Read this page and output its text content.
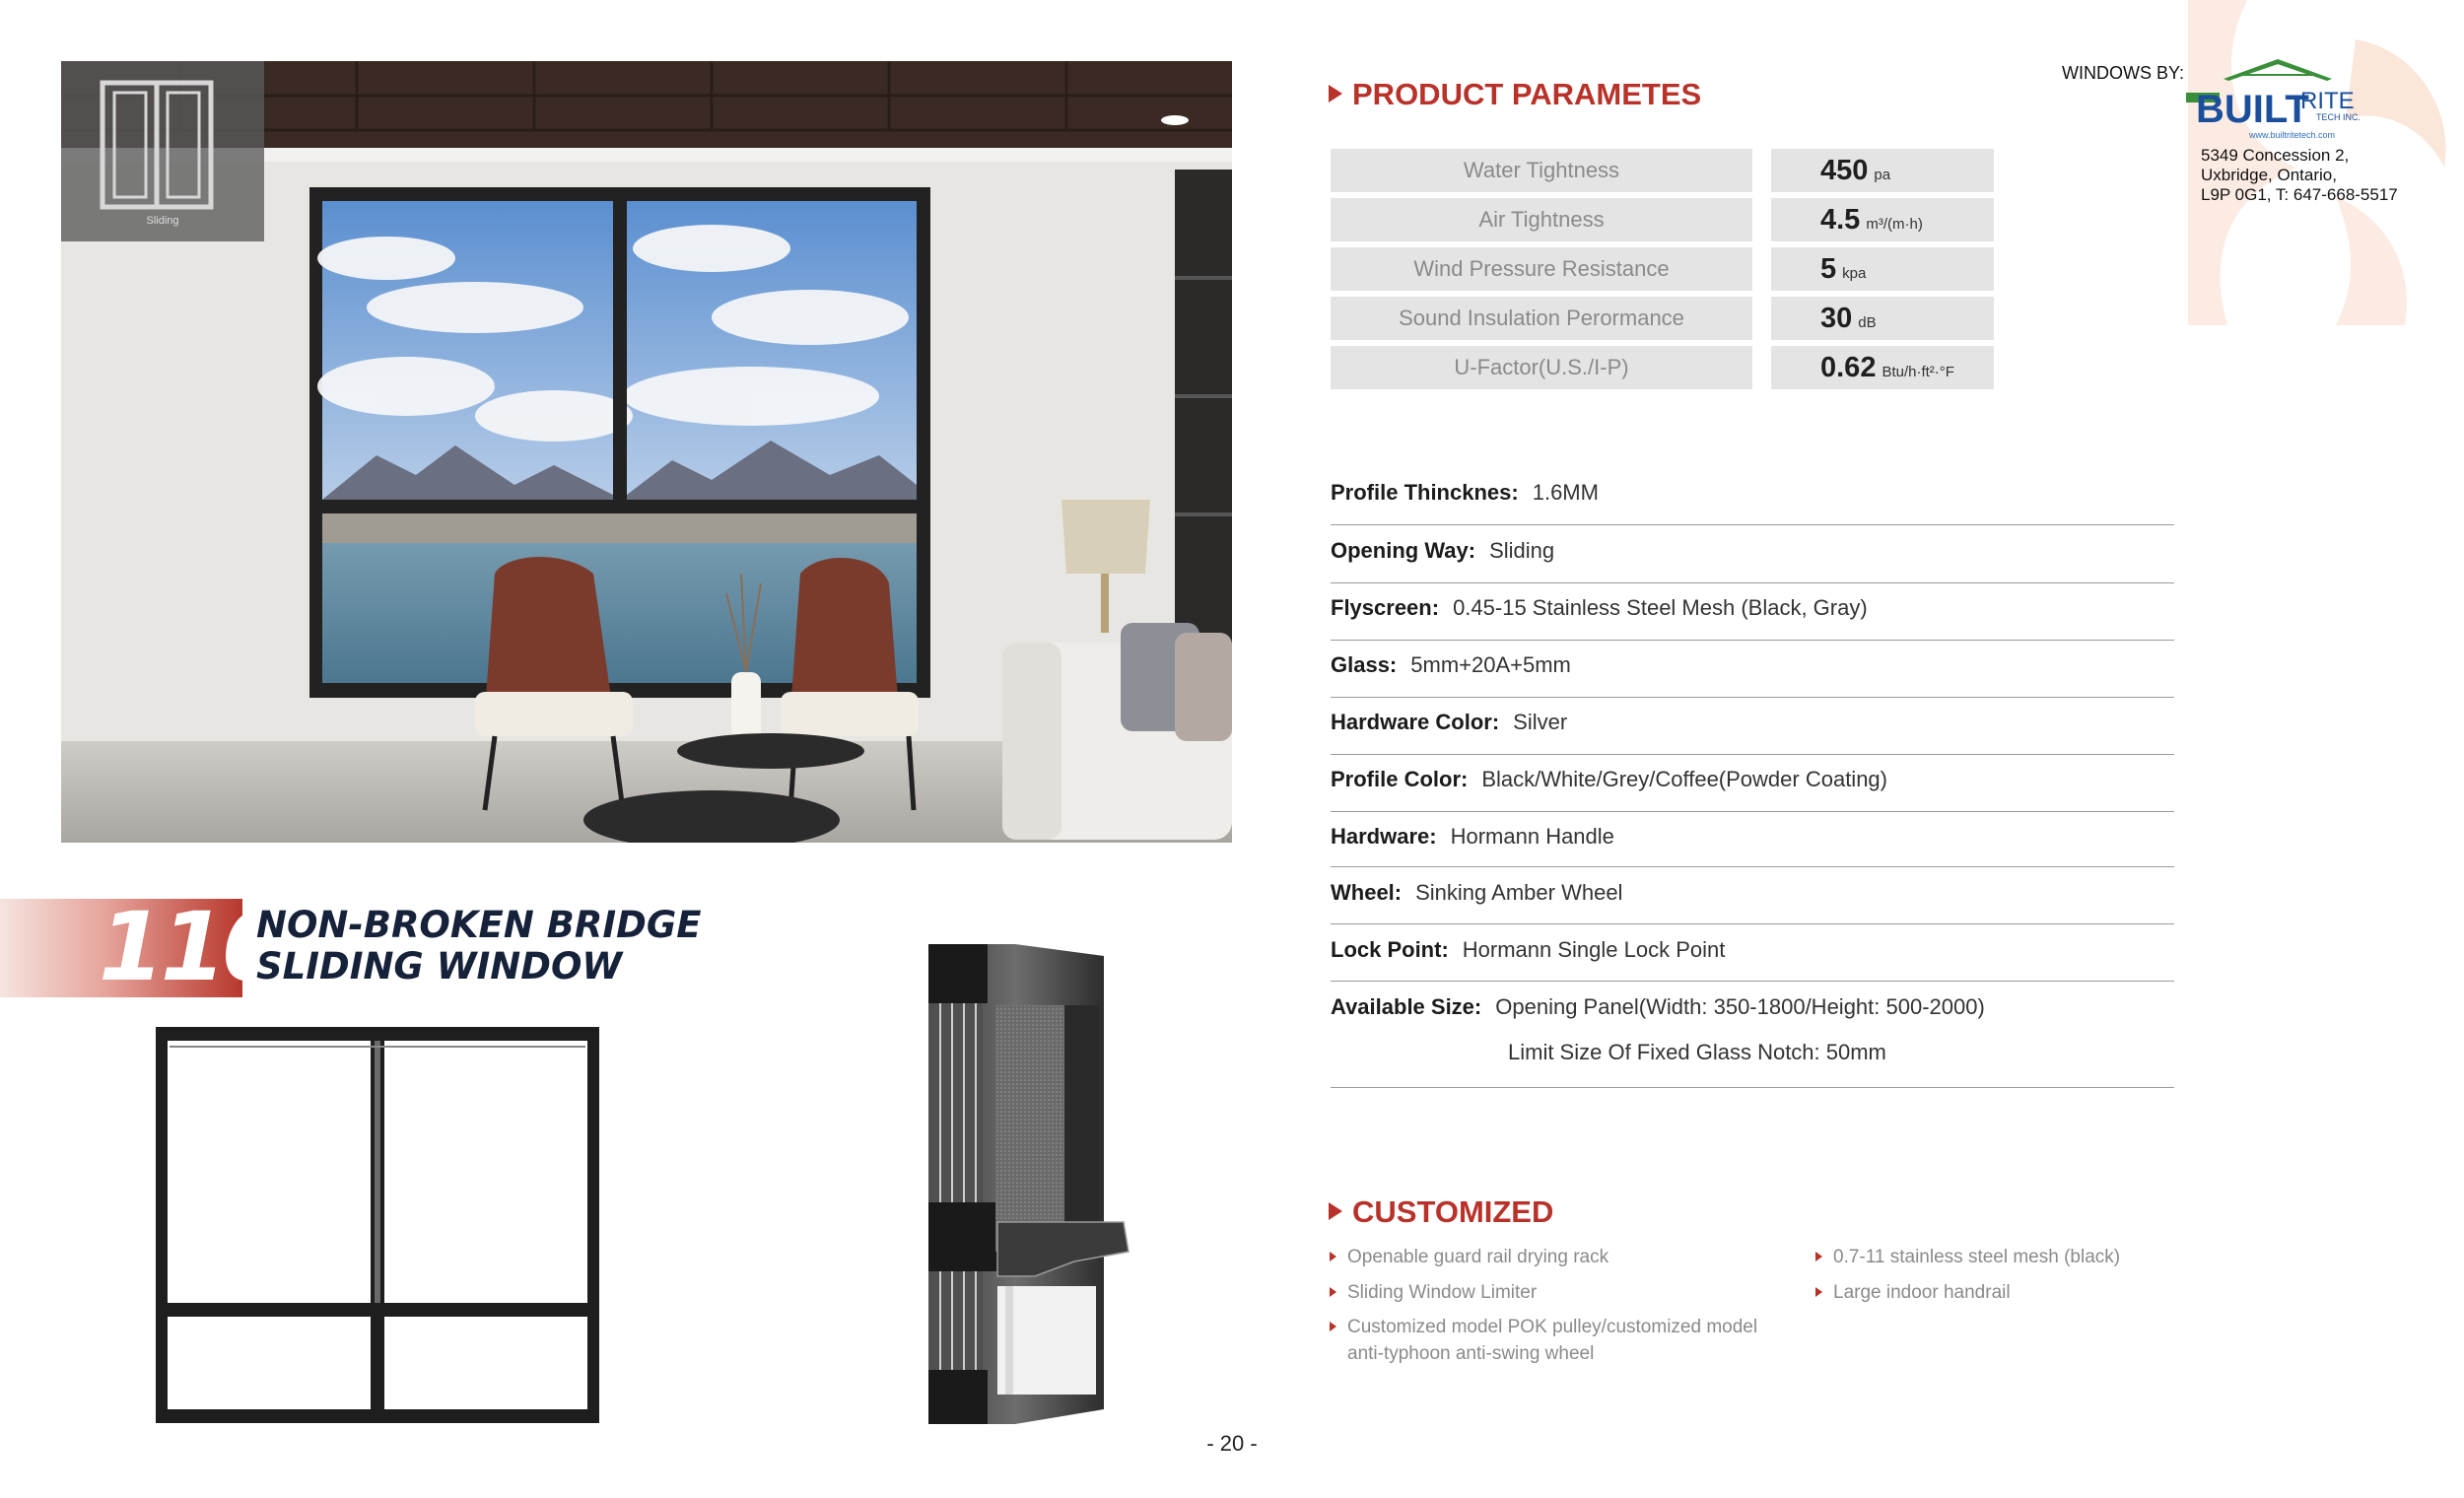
Sliding
110
NON-BROKEN BRIDGE SLIDING WINDOW
PRODUCT PARAMETES
Water Tightness	450 pa
Air Tightness	4.5 m³/(m·h)
Wind Pressure Resistance	5 kpa
Sound Insulation Perormance	30 dB
U-Factor(U.S./I-P)	0.62 Btu/h·ft²·°F
Profile Thincknes: 1.6MM
Opening Way: Sliding
Flyscreen: 0.45-15 Stainless Steel Mesh (Black, Gray)
Glass: 5mm+20A+5mm
Hardware Color: Silver
Profile Color: Black/White/Grey/Coffee(Powder Coating)
Hardware: Hormann Handle
Wheel: Sinking Amber Wheel
Lock Point: Hormann Single Lock Point
Available Size: Opening Panel(Width: 350-1800/Height: 500-2000)
Limit Size Of Fixed Glass Notch: 50mm
CUSTOMIZED
Openable guard rail drying rack
Sliding Window Limiter
Customized model POK pulley/customized model anti-typhoon anti-swing wheel
0.7-11 stainless steel mesh (black)
Large indoor handrail
WINDOWS BY:
BUILT
RITE
TECH INC.
www.builtritetech.com
5349 Concession 2,
Uxbridge, Ontario,
L9P 0G1, T: 647-668-5517
- 20 -
